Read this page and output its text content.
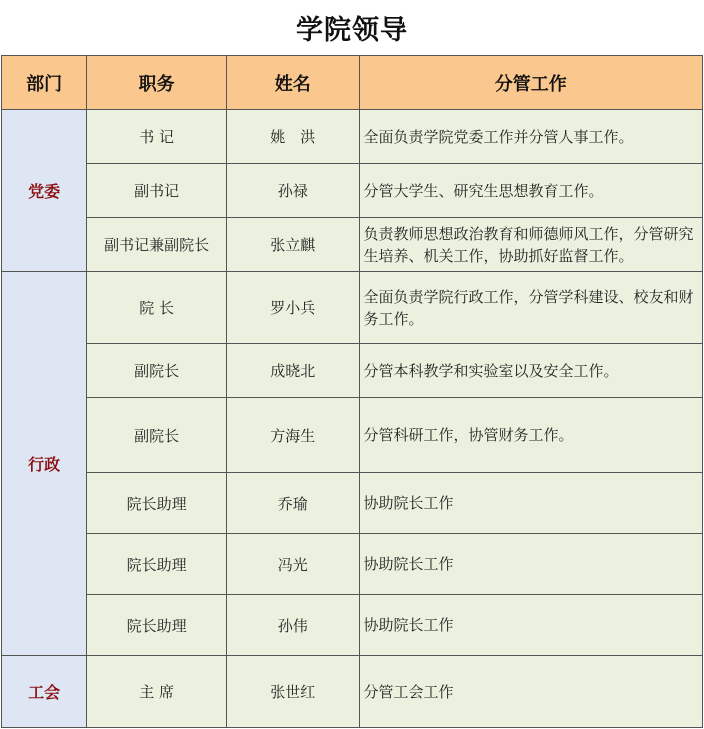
学院领导
部门	职务	姓名	分管工作
党委	书 记	姚　洪	全面负责学院党委工作并分管人事工作。
	副书记	孙禄	分管大学生、研究生思想教育工作。
	副书记兼副院长	张立麒	负责教师思想政治教育和师德师风工作，分管研究生培养、机关工作，协助抓好监督工作。
行政	院 长	罗小兵	全面负责学院行政工作，分管学科建设、校友和财务工作。
	副院长	成晓北	分管本科教学和实验室以及安全工作。
	副院长	方海生	分管科研工作，协管财务工作。
	院长助理	乔瑜	协助院长工作
	院长助理	冯光	协助院长工作
	院长助理	孙伟	协助院长工作
工会	主 席	张世红	分管工会工作
